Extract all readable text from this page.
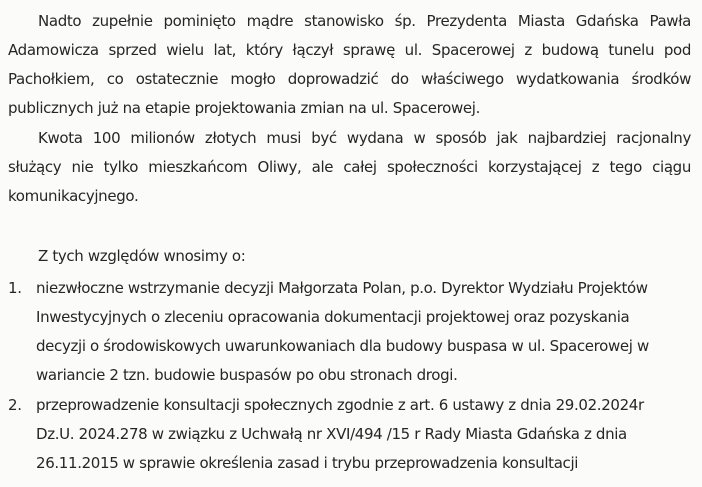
Nadto zupełnie pominięto mądre stanowisko śp. Prezydenta Miasta Gdańska Pawła

Adamowicza sprzed wielu lat, który łączył sprawę ul. Spacerowej z budową tunelu pod

Pachołkiem, co ostatecznie mogło doprowadzić do właściwego wydatkowania środków

publicznych już na etapie projektowania zmian na ul. Spacerowej.

Kwota 100 milionów złotych musi być wydana w sposób jak najbardziej racjonalny

służący nie tylko mieszkańcom Oliwy, ale całej społeczności korzystającej z tego ciągu

komunikacyjnego.

Z tych względów wnosimy o:

1. niezwłoczne wstrzymanie decyzji Małgorzata Polan, p.o. Dyrektor Wydziału Projektów

Inwestycyjnych o zleceniu opracowania dokumentacji projektowej oraz pozyskania

decyzji o środowiskowych uwarunkowaniach dla budowy buspasa w ul. Spacerowej w

wariancie 2 tzn. budowie buspasów po obu stronach drogi.

2. przeprowadzenie konsultacji społecznych zgodnie z art. 6 ustawy z dnia 29.02.2024r

Dz.U. 2024.278 w związku z Uchwałą nr XVI/494 /15 r Rady Miasta Gdańska z dnia

26.11.2015 w sprawie określenia zasad i trybu przeprowadzenia konsultacji
